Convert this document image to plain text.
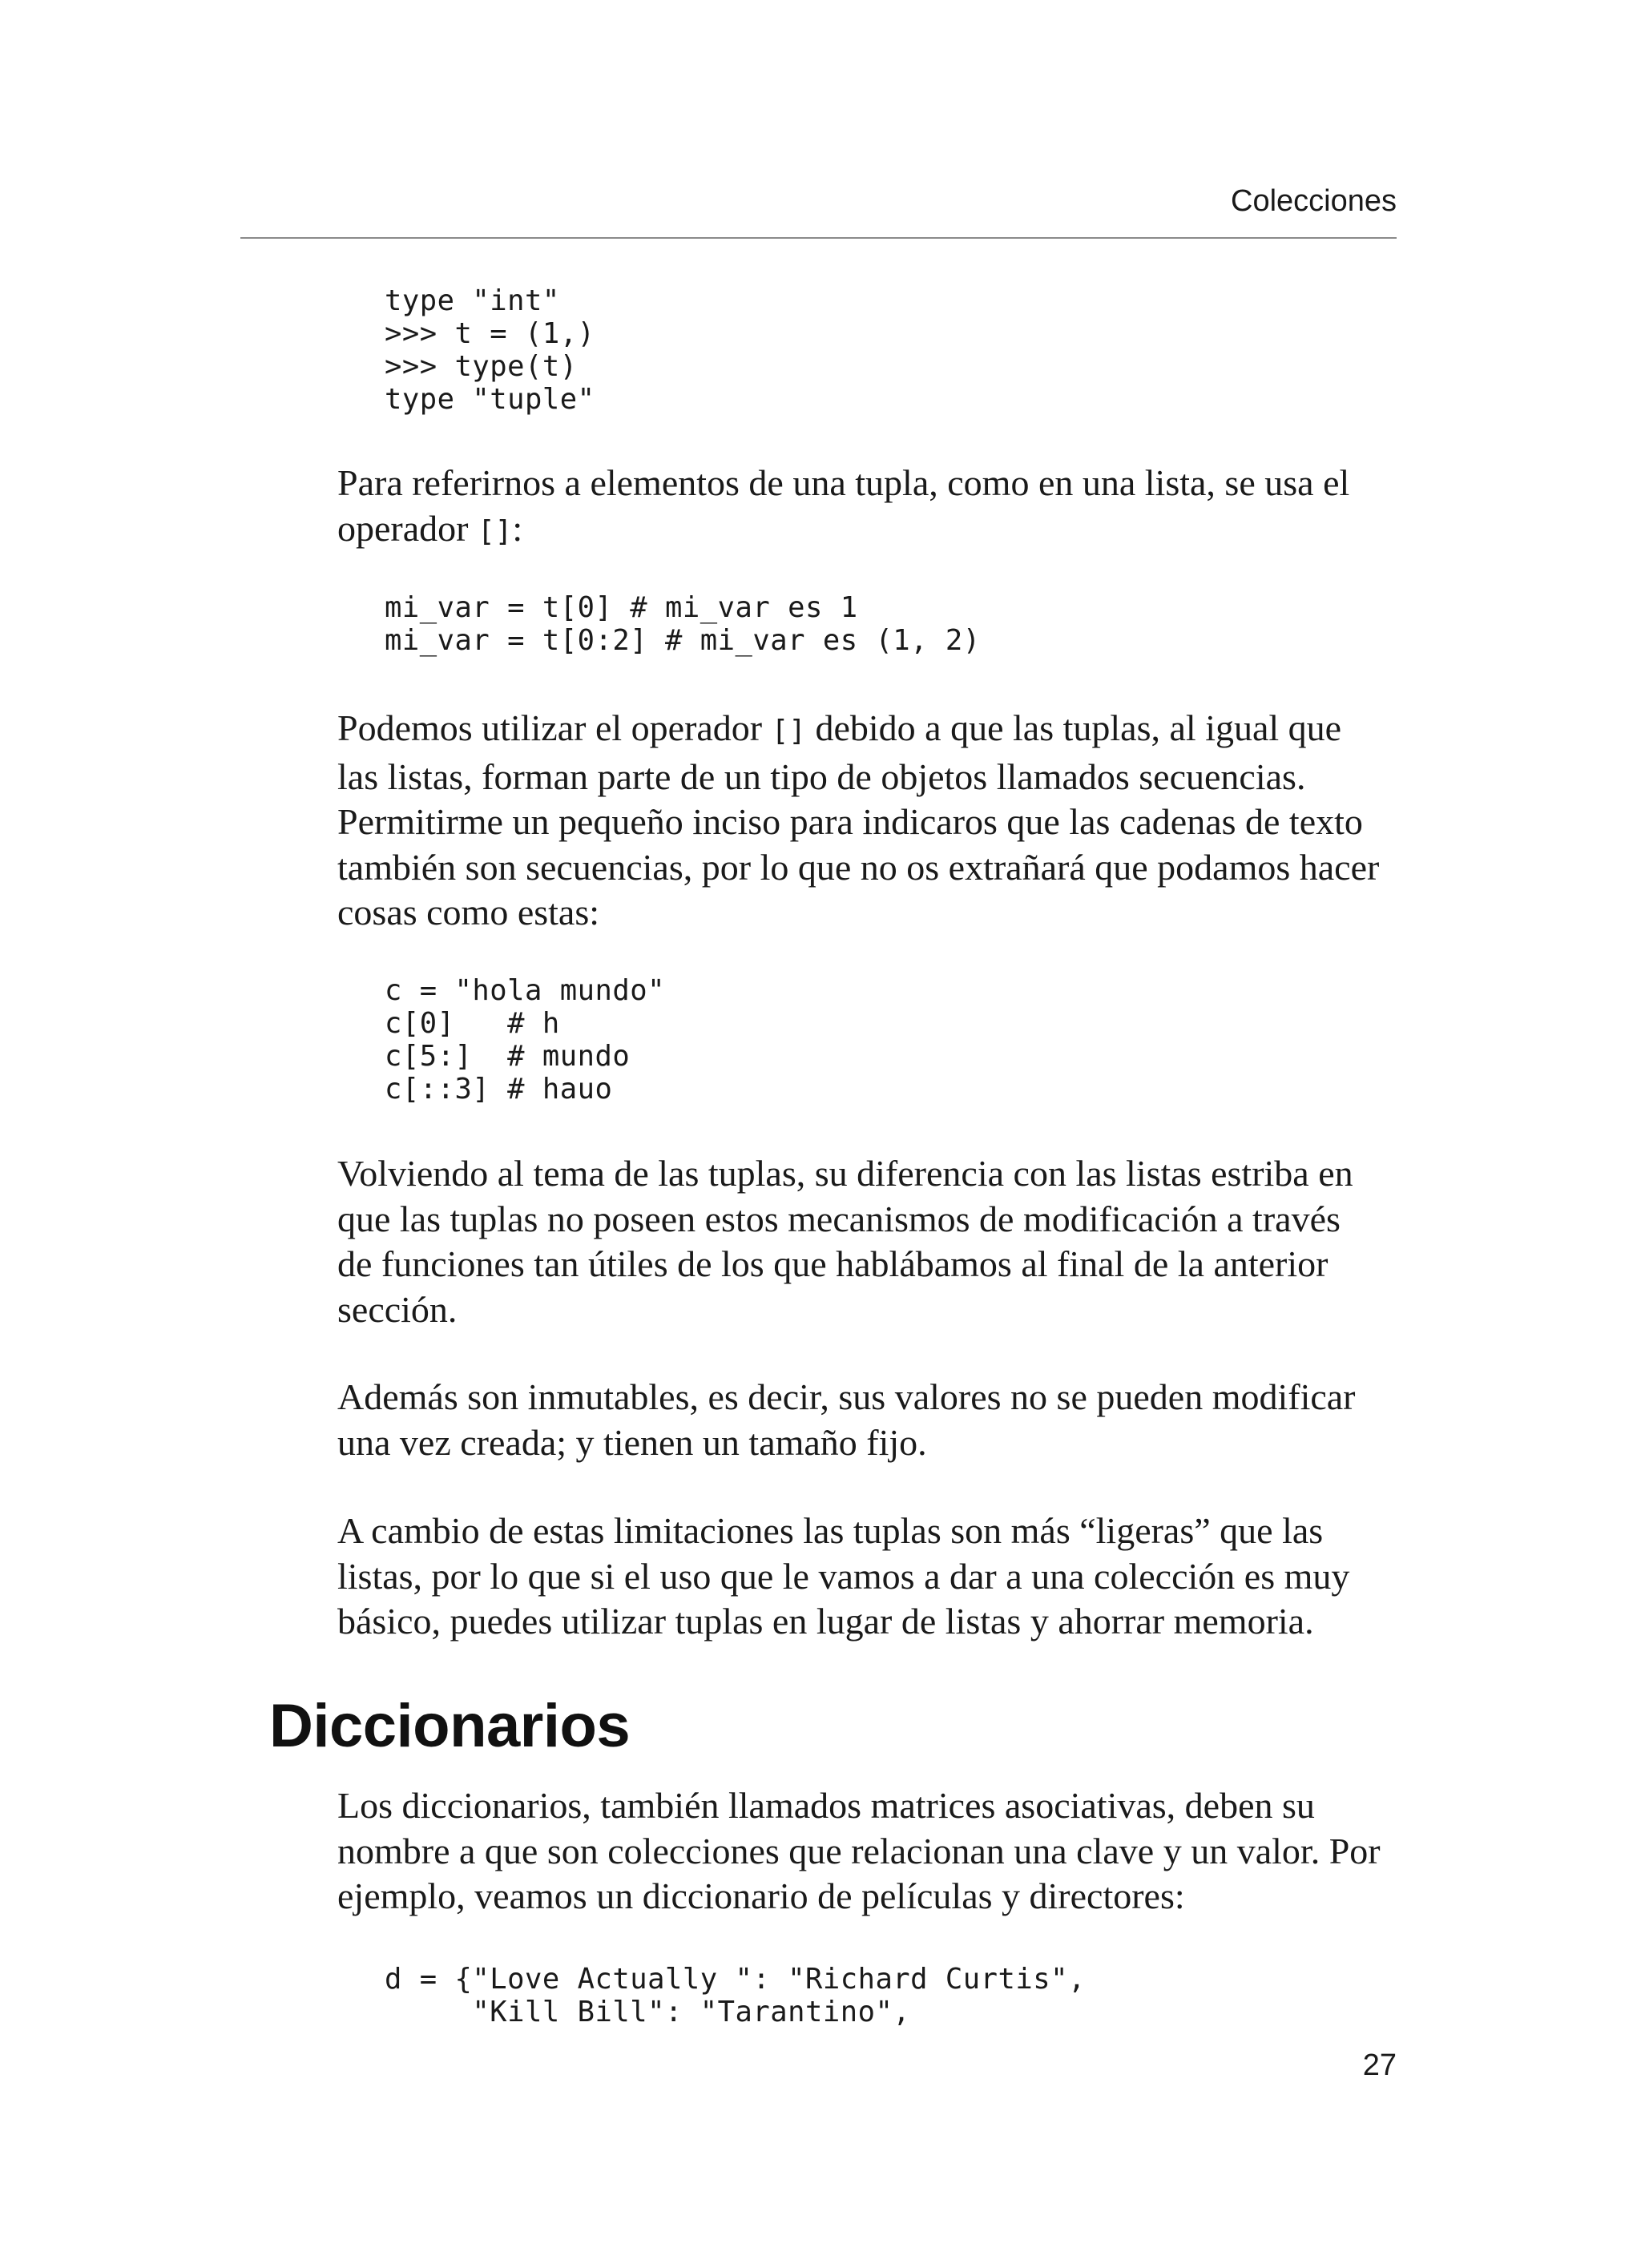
Colecciones
type "int"
>>> t = (1,)
>>> type(t)
type "tuple"

Para referirnos a elementos de una tupla, como en una lista, se usa el
operador []:

mi_var = t[0] # mi_var es 1
mi_var = t[0:2] # mi_var es (1, 2)

Podemos utilizar el operador [] debido a que las tuplas, al igual que
las listas, forman parte de un tipo de objetos llamados secuencias.
Permitirme un pequeño inciso para indicaros que las cadenas de texto
también son secuencias, por lo que no os extrañará que podamos hacer
cosas como estas:

c = "hola mundo"
c[0]   # h
c[5:]  # mundo
c[::3] # hauo

Volviendo al tema de las tuplas, su diferencia con las listas estriba en
que las tuplas no poseen estos mecanismos de modificación a través
de funciones tan útiles de los que hablábamos al final de la anterior
sección.

Además son inmutables, es decir, sus valores no se pueden modificar
una vez creada; y tienen un tamaño fijo.

A cambio de estas limitaciones las tuplas son más “ligeras” que las
listas, por lo que si el uso que le vamos a dar a una colección es muy
básico, puedes utilizar tuplas en lugar de listas y ahorrar memoria.

Diccionarios

Los diccionarios, también llamados matrices asociativas, deben su
nombre a que son colecciones que relacionan una clave y un valor. Por
ejemplo, veamos un diccionario de películas y directores:

d = {"Love Actually ": "Richard Curtis",
"Kill Bill": "Tarantino",
27
